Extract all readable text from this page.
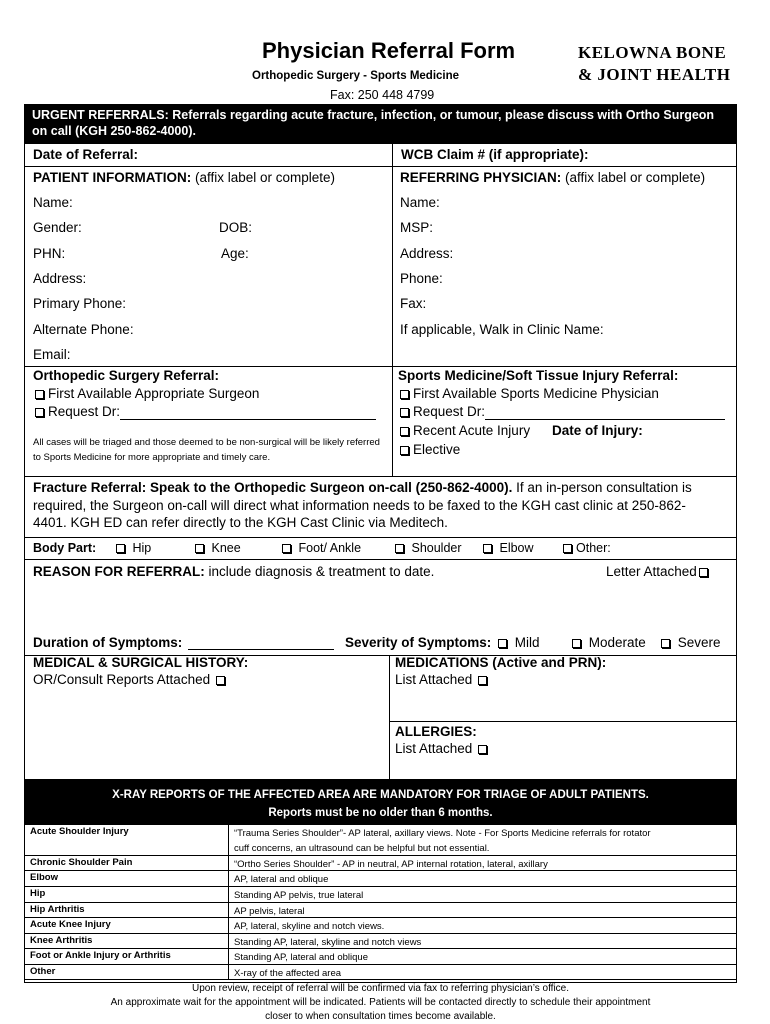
Physician Referral Form
Orthopedic Surgery - Sports Medicine
Fax: 250 448 4799
KELOWNA BONE
& JOINT HEALTH
URGENT REFERRALS: Referrals regarding acute fracture, infection, or tumour, please discuss with Ortho Surgeon on call (KGH 250-862-4000).
Date of Referral:	WCB Claim # (if appropriate):
PATIENT INFORMATION: (affix label or complete)
Name:
Gender:	DOB:
PHN:	Age:
Address:
Primary Phone:
Alternate Phone:
Email:
REFERRING PHYSICIAN: (affix label or complete)
Name:
MSP:
Address:
Phone:
Fax:
If applicable, Walk in Clinic Name:
Orthopedic Surgery Referral:
First Available Appropriate Surgeon
Request Dr:
All cases will be triaged and those deemed to be non-surgical will be likely referred to Sports Medicine for more appropriate and timely care.
Sports Medicine/Soft Tissue Injury Referral:
First Available Sports Medicine Physician
Request Dr:
Recent Acute Injury Date of Injury:
Elective
Fracture Referral: Speak to the Orthopedic Surgeon on-call (250-862-4000). If an in-person consultation is
required, the Surgeon on-call will direct what information needs to be faxed to the KGH cast clinic at 250-862-
4401. KGH ED can refer directly to the KGH Cast Clinic via Meditech.
Body Part:	Hip	Knee	Foot/ Ankle	Shoulder	Elbow	Other:
REASON FOR REFERRAL: include diagnosis & treatment to date.	Letter Attached
Duration of Symptoms:	Severity of Symptoms:	Mild	Moderate	Severe
MEDICAL & SURGICAL HISTORY:
OR/Consult Reports Attached
MEDICATIONS (Active and PRN):
List Attached
ALLERGIES:
List Attached
X-RAY REPORTS OF THE AFFECTED AREA ARE MANDATORY FOR TRIAGE OF ADULT PATIENTS.
Reports must be no older than 6 months.
Acute Shoulder Injury	“Trauma Series Shoulder”- AP lateral, axillary views. Note - For Sports Medicine referrals for rotator
cuff concerns, an ultrasound can be helpful but not essential.
Chronic Shoulder Pain	“Ortho Series Shoulder” - AP in neutral, AP internal rotation, lateral, axillary
Elbow	AP, lateral and oblique
Hip	Standing AP pelvis, true lateral
Hip Arthritis	AP pelvis, lateral
Acute Knee Injury	AP, lateral, skyline and notch views.
Knee Arthritis	Standing AP, lateral, skyline and notch views
Foot or Ankle Injury or Arthritis	Standing AP, lateral and oblique
Other	X-ray of the affected area
Upon review, receipt of referral will be confirmed via fax to referring physician’s office.
An approximate wait for the appointment will be indicated. Patients will be contacted directly to schedule their appointment
closer to when consultation times become available.
